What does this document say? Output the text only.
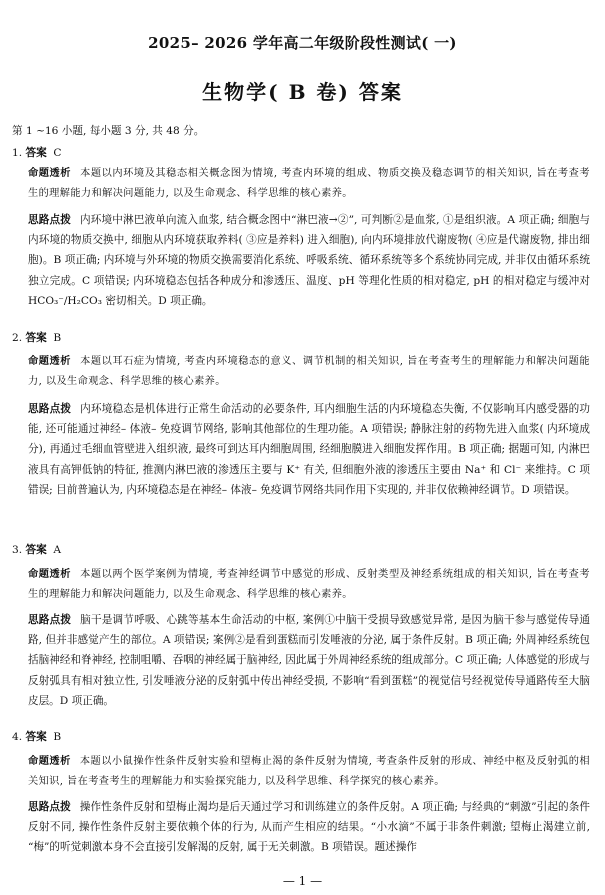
2025– 2026 学年高二年级阶段性测试( 一)
生物学( B 卷) 答案
第 1 ~16 小题, 每小题 3 分, 共 48 分。
1. 答案 C
命题透析 本题以内环境及其稳态相关概念图为情境, 考查内环境的组成、物质交换及稳态调节的相关知识, 旨在考查考生的理解能力和解决问题能力, 以及生命观念、科学思维的核心素养。
思路点拨 内环境中淋巴液单向流入血浆, 结合概念图中“淋巴液→②”, 可判断②是血浆, ①是组织液。A 项正确; 细胞与内环境的物质交换中, 细胞从内环境获取养料( ③应是养料) 进入细胞), 向内环境排放代谢废物( ④应是代谢废物, 排出细胞)。B 项正确; 内环境与外环境的物质交换需要消化系统、呼吸系统、循环系统等多个系统协同完成, 并非仅由循环系统独立完成。C 项错误; 内环境稳态包括各种成分和渗透压、温度、pH 等理化性质的相对稳定, pH 的相对稳定与缓冲对 HCO₃⁻/H₂CO₃ 密切相关。D 项正确。
2. 答案 B
命题透析 本题以耳石症为情境, 考查内环境稳态的意义、调节机制的相关知识, 旨在考查考生的理解能力和解决问题能力, 以及生命观念、科学思维的核心素养。
思路点拨 内环境稳态是机体进行正常生命活动的必要条件, 耳内细胞生活的内环境稳态失衡, 不仅影响耳内感受器的功能, 还可能通过神经– 体液– 免疫调节网络, 影响其他部位的生理功能。A 项错误; 静脉注射的药物先进入血浆( 内环境成分), 再通过毛细血管壁进入组织液, 最终可到达耳内细胞周围, 经细胞膜进入细胞发挥作用。B 项正确; 据题可知, 内淋巴液具有高钾低钠的特征, 推测内淋巴液的渗透压主要与 K⁺ 有关, 但细胞外液的渗透压主要由 Na⁺ 和 Cl⁻ 来维持。C 项错误; 目前普遍认为, 内环境稳态是在神经– 体液– 免疫调节网络共同作用下实现的, 并非仅依赖神经调节。D 项错误。
3. 答案 A
命题透析 本题以两个医学案例为情境, 考查神经调节中感觉的形成、反射类型及神经系统组成的相关知识, 旨在考查考生的理解能力和解决问题能力, 以及生命观念、科学思维的核心素养。
思路点拨 脑干是调节呼吸、心跳等基本生命活动的中枢, 案例①中脑干受损导致感觉异常, 是因为脑干参与感觉传导通路, 但并非感觉产生的部位。A 项错误; 案例②是看到蛋糕而引发唾液的分泌, 属于条件反射。B 项正确; 外周神经系统包括脑神经和脊神经, 控制咀嚼、吞咽的神经属于脑神经, 因此属于外周神经系统的组成部分。C 项正确; 人体感觉的形成与反射弧具有相对独立性, 引发唾液分泌的反射弧中传出神经受损, 不影响“看到蛋糕”的视觉信号经视觉传导通路传至大脑皮层。D 项正确。
4. 答案 B
命题透析 本题以小鼠操作性条件反射实验和望梅止渴的条件反射为情境, 考查条件反射的形成、神经中枢及反射弧的相关知识, 旨在考查考生的理解能力和实验探究能力, 以及科学思维、科学探究的核心素养。
思路点拨 操作性条件反射和望梅止渴均是后天通过学习和训练建立的条件反射。A 项正确; 与经典的“刺激”引起的条件反射不同, 操作性条件反射主要依赖个体的行为, 从而产生相应的结果。“小水滴”不属于非条件刺激; 望梅止渴建立前, “梅”的听觉刺激本身不会直接引发解渴的反射, 属于无关刺激。B 项错误。题述操作
— 1 —
